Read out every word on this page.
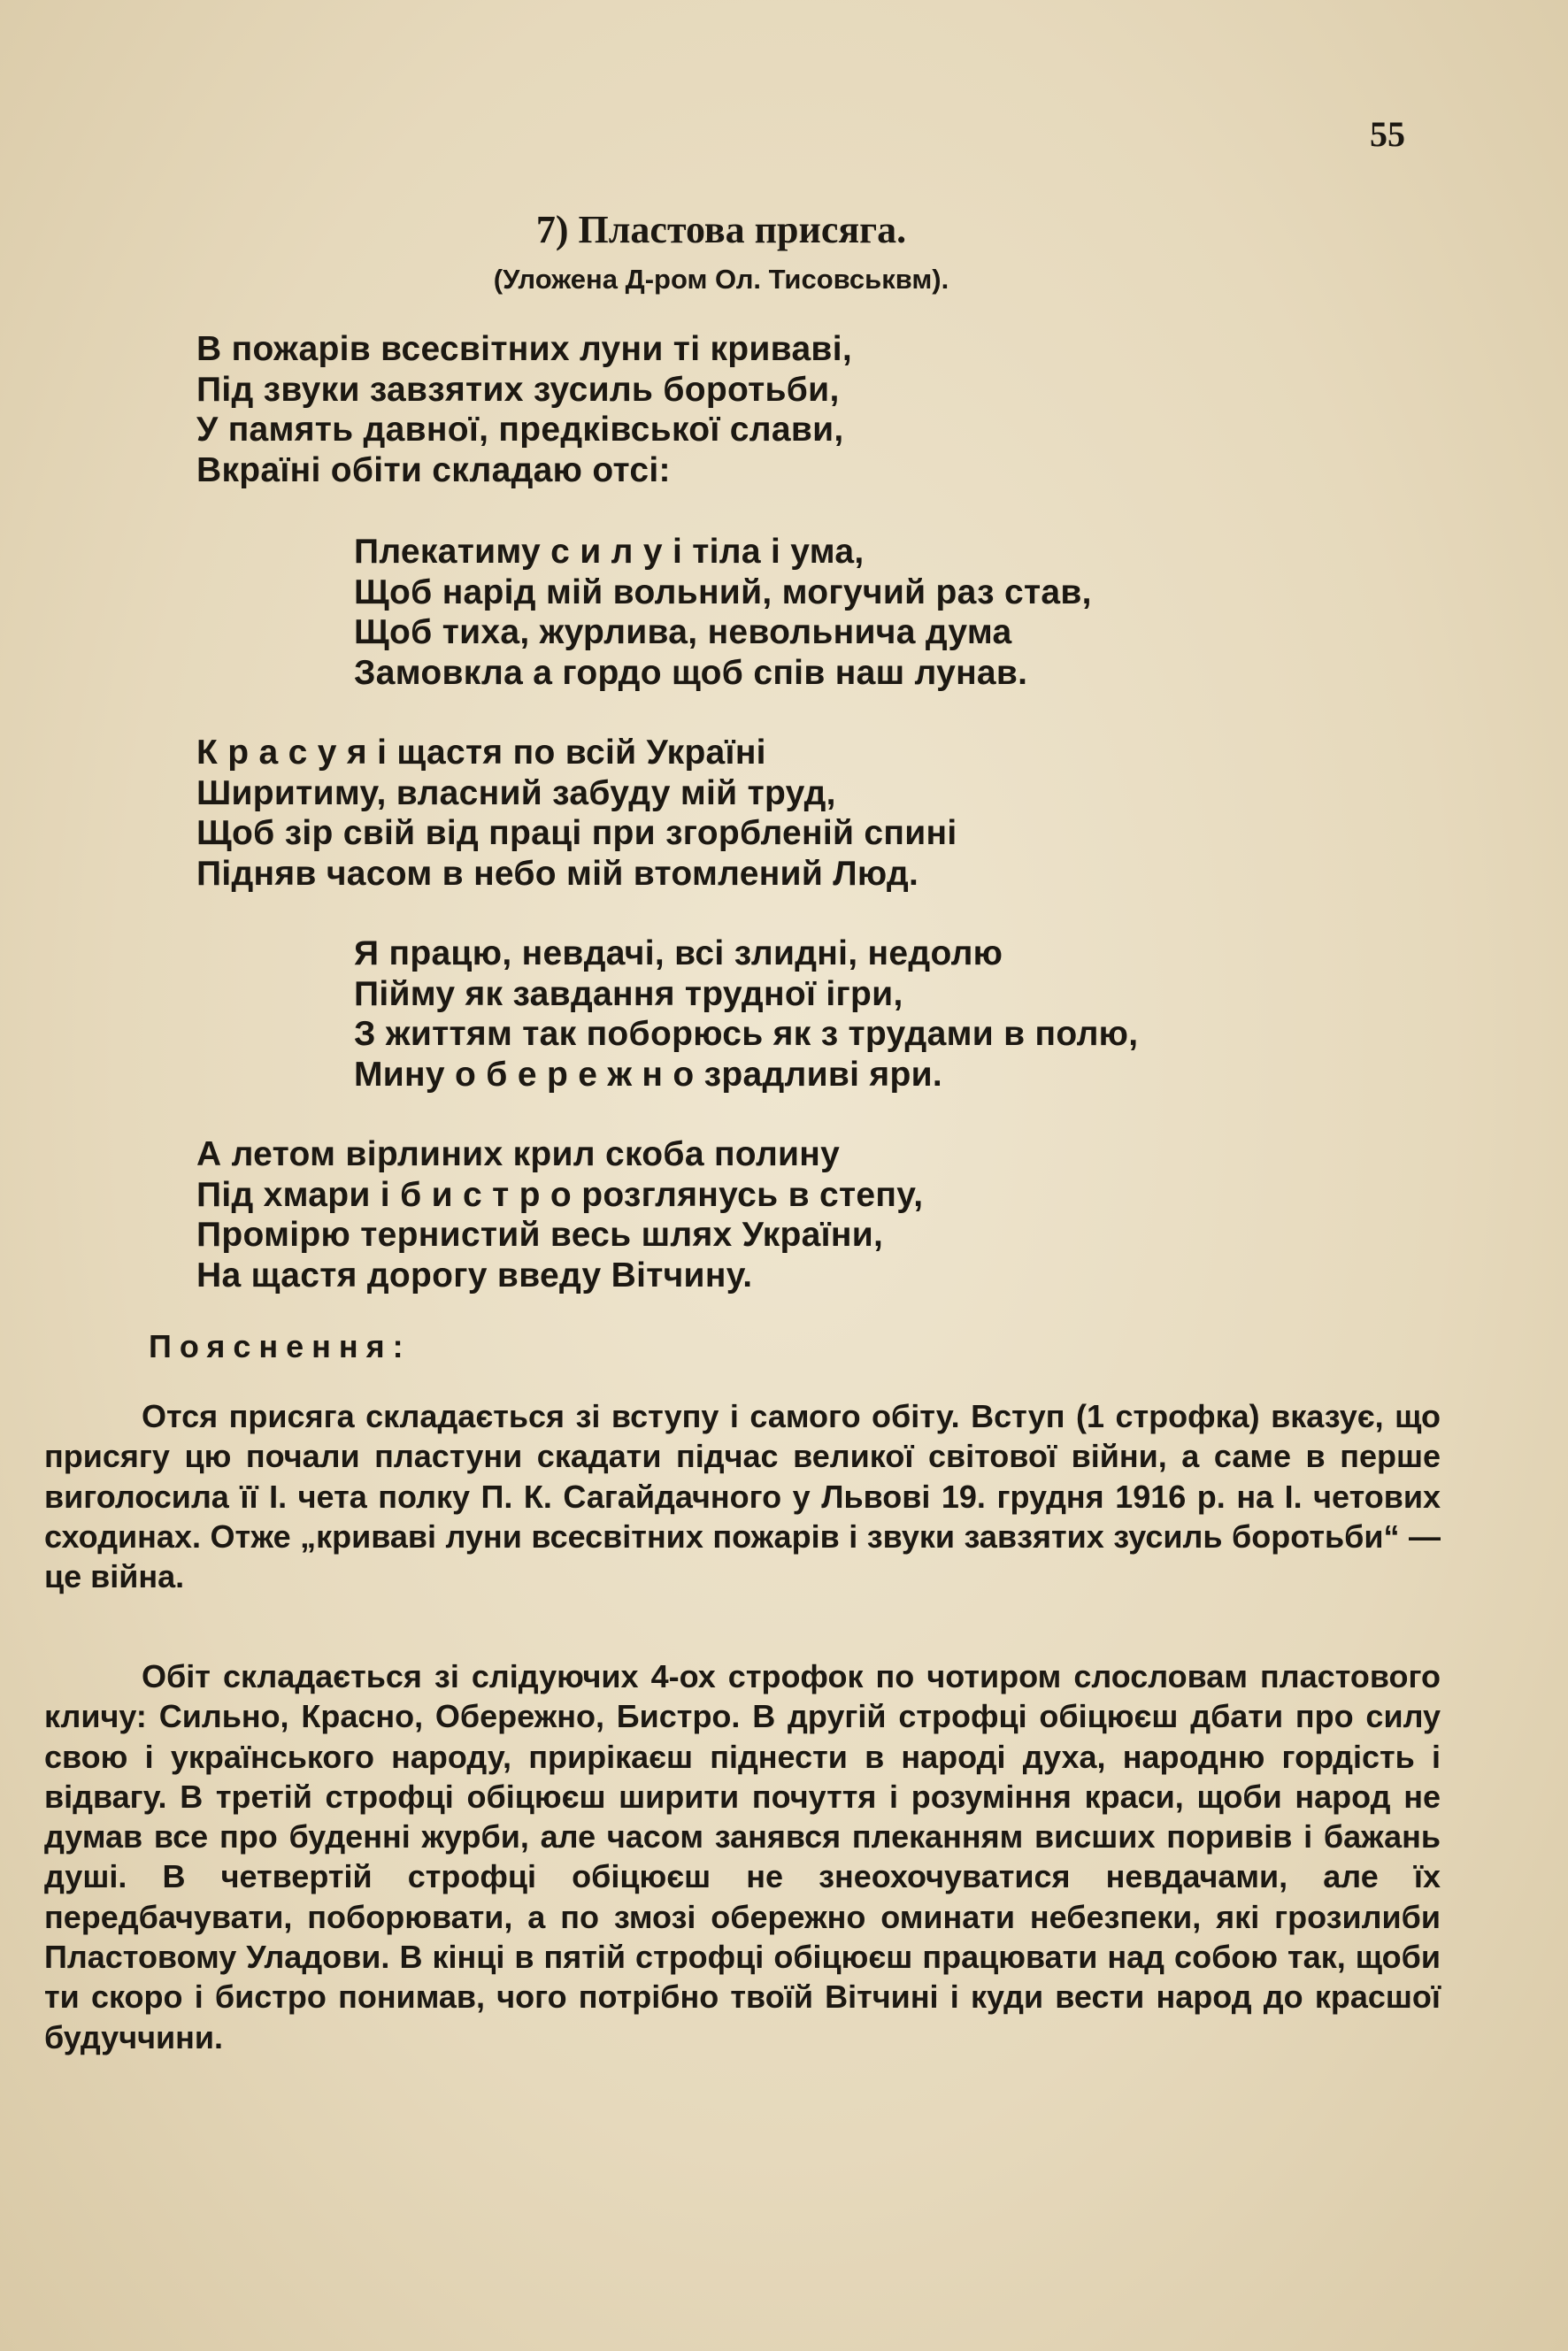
55
7) Пластова присяга.
(Уложена Д-ром Ол. Тисовськвм).
В пожарів всесвітних луни ті криваві,
Під звуки завзятих зусиль боротьби,
У память давної, предківської слави,
Вкраїні обіти складаю отсі:
Плекатиму с и л у і тіла і ума,
Щоб нарід мій вольний, могучий раз став,
Щоб тиха, журлива, невольнича дума
Замовкла а гордо щоб спів наш лунав.
К р а с у я і щастя по всій Україні
Ширитиму, власний забуду мій труд,
Щоб зір свій від праці при згорбленій спині
Підняв часом в небо мій втомлений Люд.
Я працю, невдачі, всі злидні, недолю
Пійму як завдання трудної ігри,
З життям так поборюсь як з трудами в полю,
Мину о б е р е ж н о зрадливі яри.
А летом вірлиних крил скоба полину
Під хмари і б и с т р о розглянусь в степу,
Промірю тернистий весь шлях України,
На щастя дорогу введу Вітчину.
Пояснення:
Отся присяга складається зі вступу і самого обіту. Вступ (1 строфка) вказує, що присягу цю почали пластуни скадати підчас великої світової війни, а саме в перше виголосила її І. чета полку П. К. Сагайдачного у Львові 19. грудня 1916 р. на І. четових сходинах. Отже „криваві луни всесвітних пожарів і звуки завзятих зусиль боротьби“ — це війна.
Обіт складається зі слідуючих 4-ох строфок по чотиром слословам пластового кличу: Сильно, Красно, Обережно, Бистро. В другій строфці обіцюєш дбати про силу свою і українського народу, прирікаєш піднести в народі духа, народню гордість і відвагу. В третій строфці обіцюєш ширити почуття і розуміння краси, щоби народ не думав все про буденні журби, але часом занявся плеканням висших поривів і бажань душі. В четвертій строфці обіцюєш не знеохочуватися невдачами, але їх передбачувати, поборювати, а по змозі обережно оминати небезпеки, які грозилиби Пластовому Уладови. В кінці в пятій строфці обіцюєш працювати над собою так, щоби ти скоро і бистро понимав, чого потрібно твоїй Вітчині і куди вести народ до красшої будуччини.
